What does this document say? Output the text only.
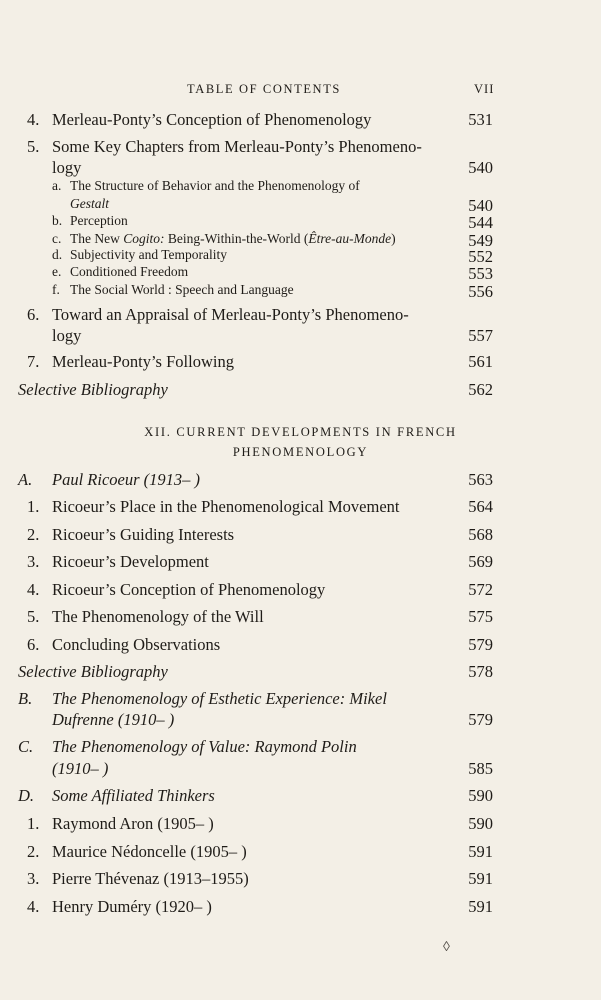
TABLE OF CONTENTS	VII
4. Merleau-Ponty’s Conception of Phenomenology	531
5. Some Key Chapters from Merleau-Ponty’s Phenomeno-
logy	540
a. The Structure of Behavior and the Phenomenology of
Gestalt	540
b. Perception	544
c. The New Cogito: Being-Within-the-World (Être-au-Monde)	549
d. Subjectivity and Temporality	552
e. Conditioned Freedom	553
f. The Social World : Speech and Language	556
6. Toward an Appraisal of Merleau-Ponty’s Phenomeno-
logy	557
7. Merleau-Ponty’s Following	561
Selective Bibliography	562
XII. CURRENT DEVELOPMENTS IN FRENCH
PHENOMENOLOGY
A. Paul Ricoeur (1913– )	563
1. Ricoeur’s Place in the Phenomenological Movement	564
2. Ricoeur’s Guiding Interests	568
3. Ricoeur’s Development	569
4. Ricoeur’s Conception of Phenomenology	572
5. The Phenomenology of the Will	575
6. Concluding Observations	579
Selective Bibliography	578
B. The Phenomenology of Esthetic Experience: Mikel
Dufrenne (1910– )	579
C. The Phenomenology of Value: Raymond Polin
(1910– )	585
D. Some Affiliated Thinkers	590
1. Raymond Aron (1905– )	590
2. Maurice Nédoncelle (1905– )	591
3. Pierre Thévenaz (1913–1955)	591
4. Henry Duméry (1920– )	591
◊
